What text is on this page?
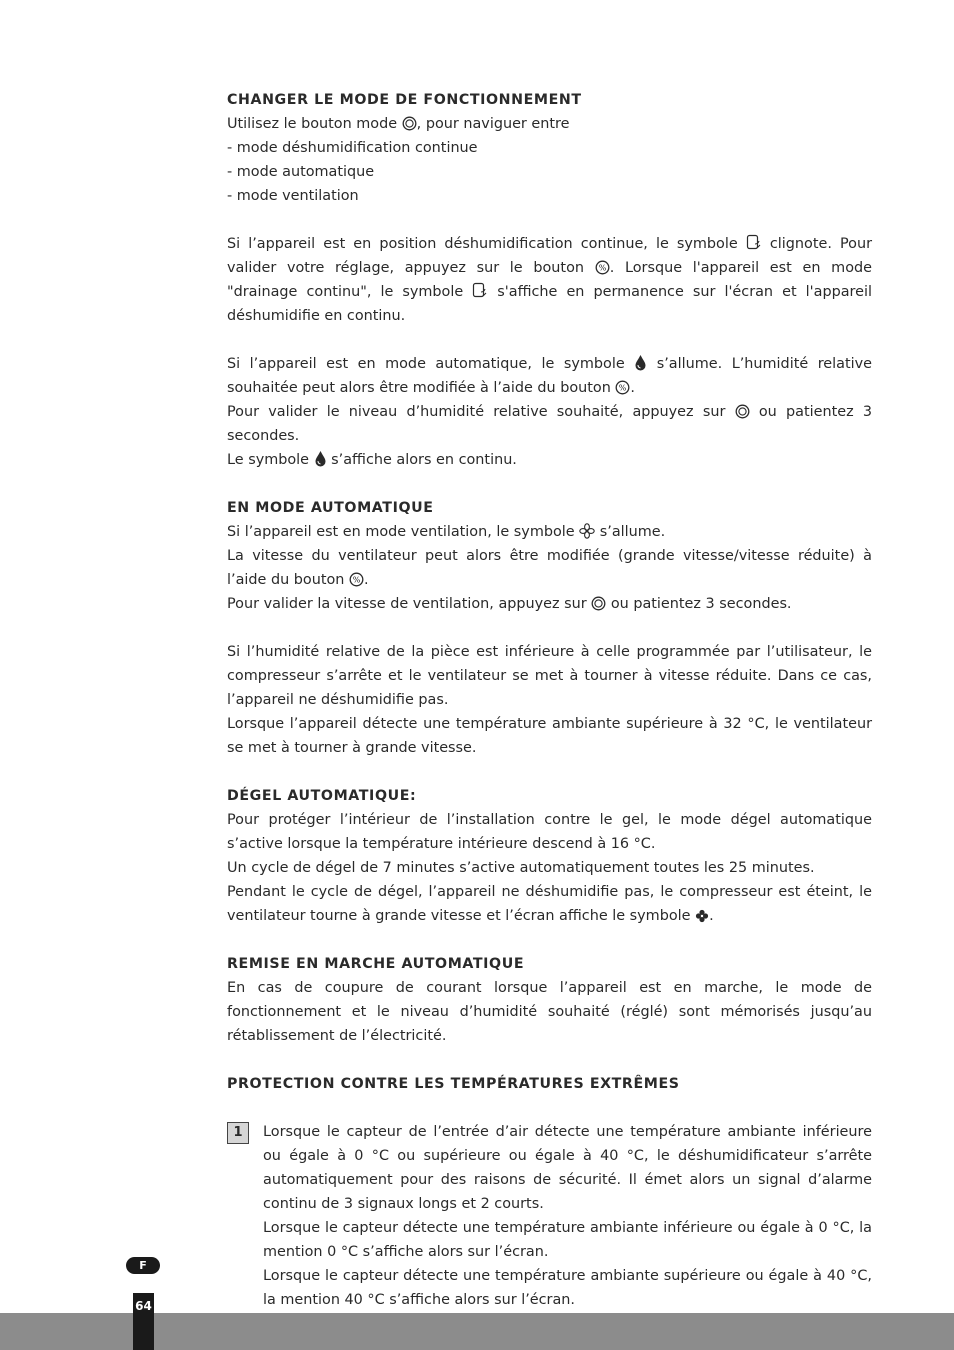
CHANGER LE MODE DE FONCTIONNEMENT

Utilisez le bouton mode , pour naviguer entre

- mode déshumidification continue

- mode automatique

- mode ventilation

Si l’appareil est en position déshumidification continue, le symbole  clignote. Pour valider votre réglage, appuyez sur le bouton % . Lorsque l'appareil est en mode "drainage continu", le symbole  s'affiche en permanence sur l'écran et l'appareil déshumidifie en continu.

Si l’appareil est en mode automatique, le symbole  s’allume. L’humidité relative souhaitée peut alors être modifiée à l’aide du bouton % .

Pour valider le niveau d’humidité relative souhaité, appuyez sur  ou patientez 3 secondes.

Le symbole  s’affiche alors en continu.

EN MODE AUTOMATIQUE

Si l’appareil est en mode ventilation, le symbole  s’allume.

La vitesse du ventilateur peut alors être modifiée (grande vitesse/vitesse réduite) à l’aide du bouton % .

Pour valider la vitesse de ventilation, appuyez sur  ou patientez 3 secondes.

Si l’humidité relative de la pièce est inférieure à celle programmée par l’utilisateur, le compresseur s’arrête et le ventilateur se met à tourner à vitesse réduite. Dans ce cas, l’appareil ne déshumidifie pas.

Lorsque l’appareil détecte une température ambiante supérieure à 32 °C, le ventilateur se met à tourner à grande vitesse.

DÉGEL AUTOMATIQUE:

Pour protéger l’intérieur de l’installation contre le gel, le mode dégel automatique s’active lorsque la température intérieure descend à 16 °C.

Un cycle de dégel de 7 minutes s’active automatiquement toutes les 25 minutes.

Pendant le cycle de dégel, l’appareil ne déshumidifie pas, le compresseur est éteint, le ventilateur tourne à grande vitesse et l’écran affiche le symbole .

REMISE EN MARCHE AUTOMATIQUE

En cas de coupure de courant lorsque l’appareil est en marche, le mode de fonctionnement et le niveau d’humidité souhaité (réglé) sont mémorisés jusqu’au rétablissement de l’électricité.

PROTECTION CONTRE LES TEMPÉRATURES EXTRÊMES
1	Lorsque le capteur de l’entrée d’air détecte une température ambiante inférieure ou égale à 0 °C ou supérieure ou égale à 40 °C, le déshumidificateur s’arrête automatiquement pour des raisons de sécurité. Il émet alors un signal d’alarme continu de 3 signaux longs et 2 courts.

Lorsque le capteur détecte une température ambiante inférieure ou égale à 0 °C, la mention 0 °C s’affiche alors sur l’écran.

Lorsque le capteur détecte une température ambiante supérieure ou égale à 40 °C, la mention 40 °C s’affiche alors sur l’écran.

F
64
